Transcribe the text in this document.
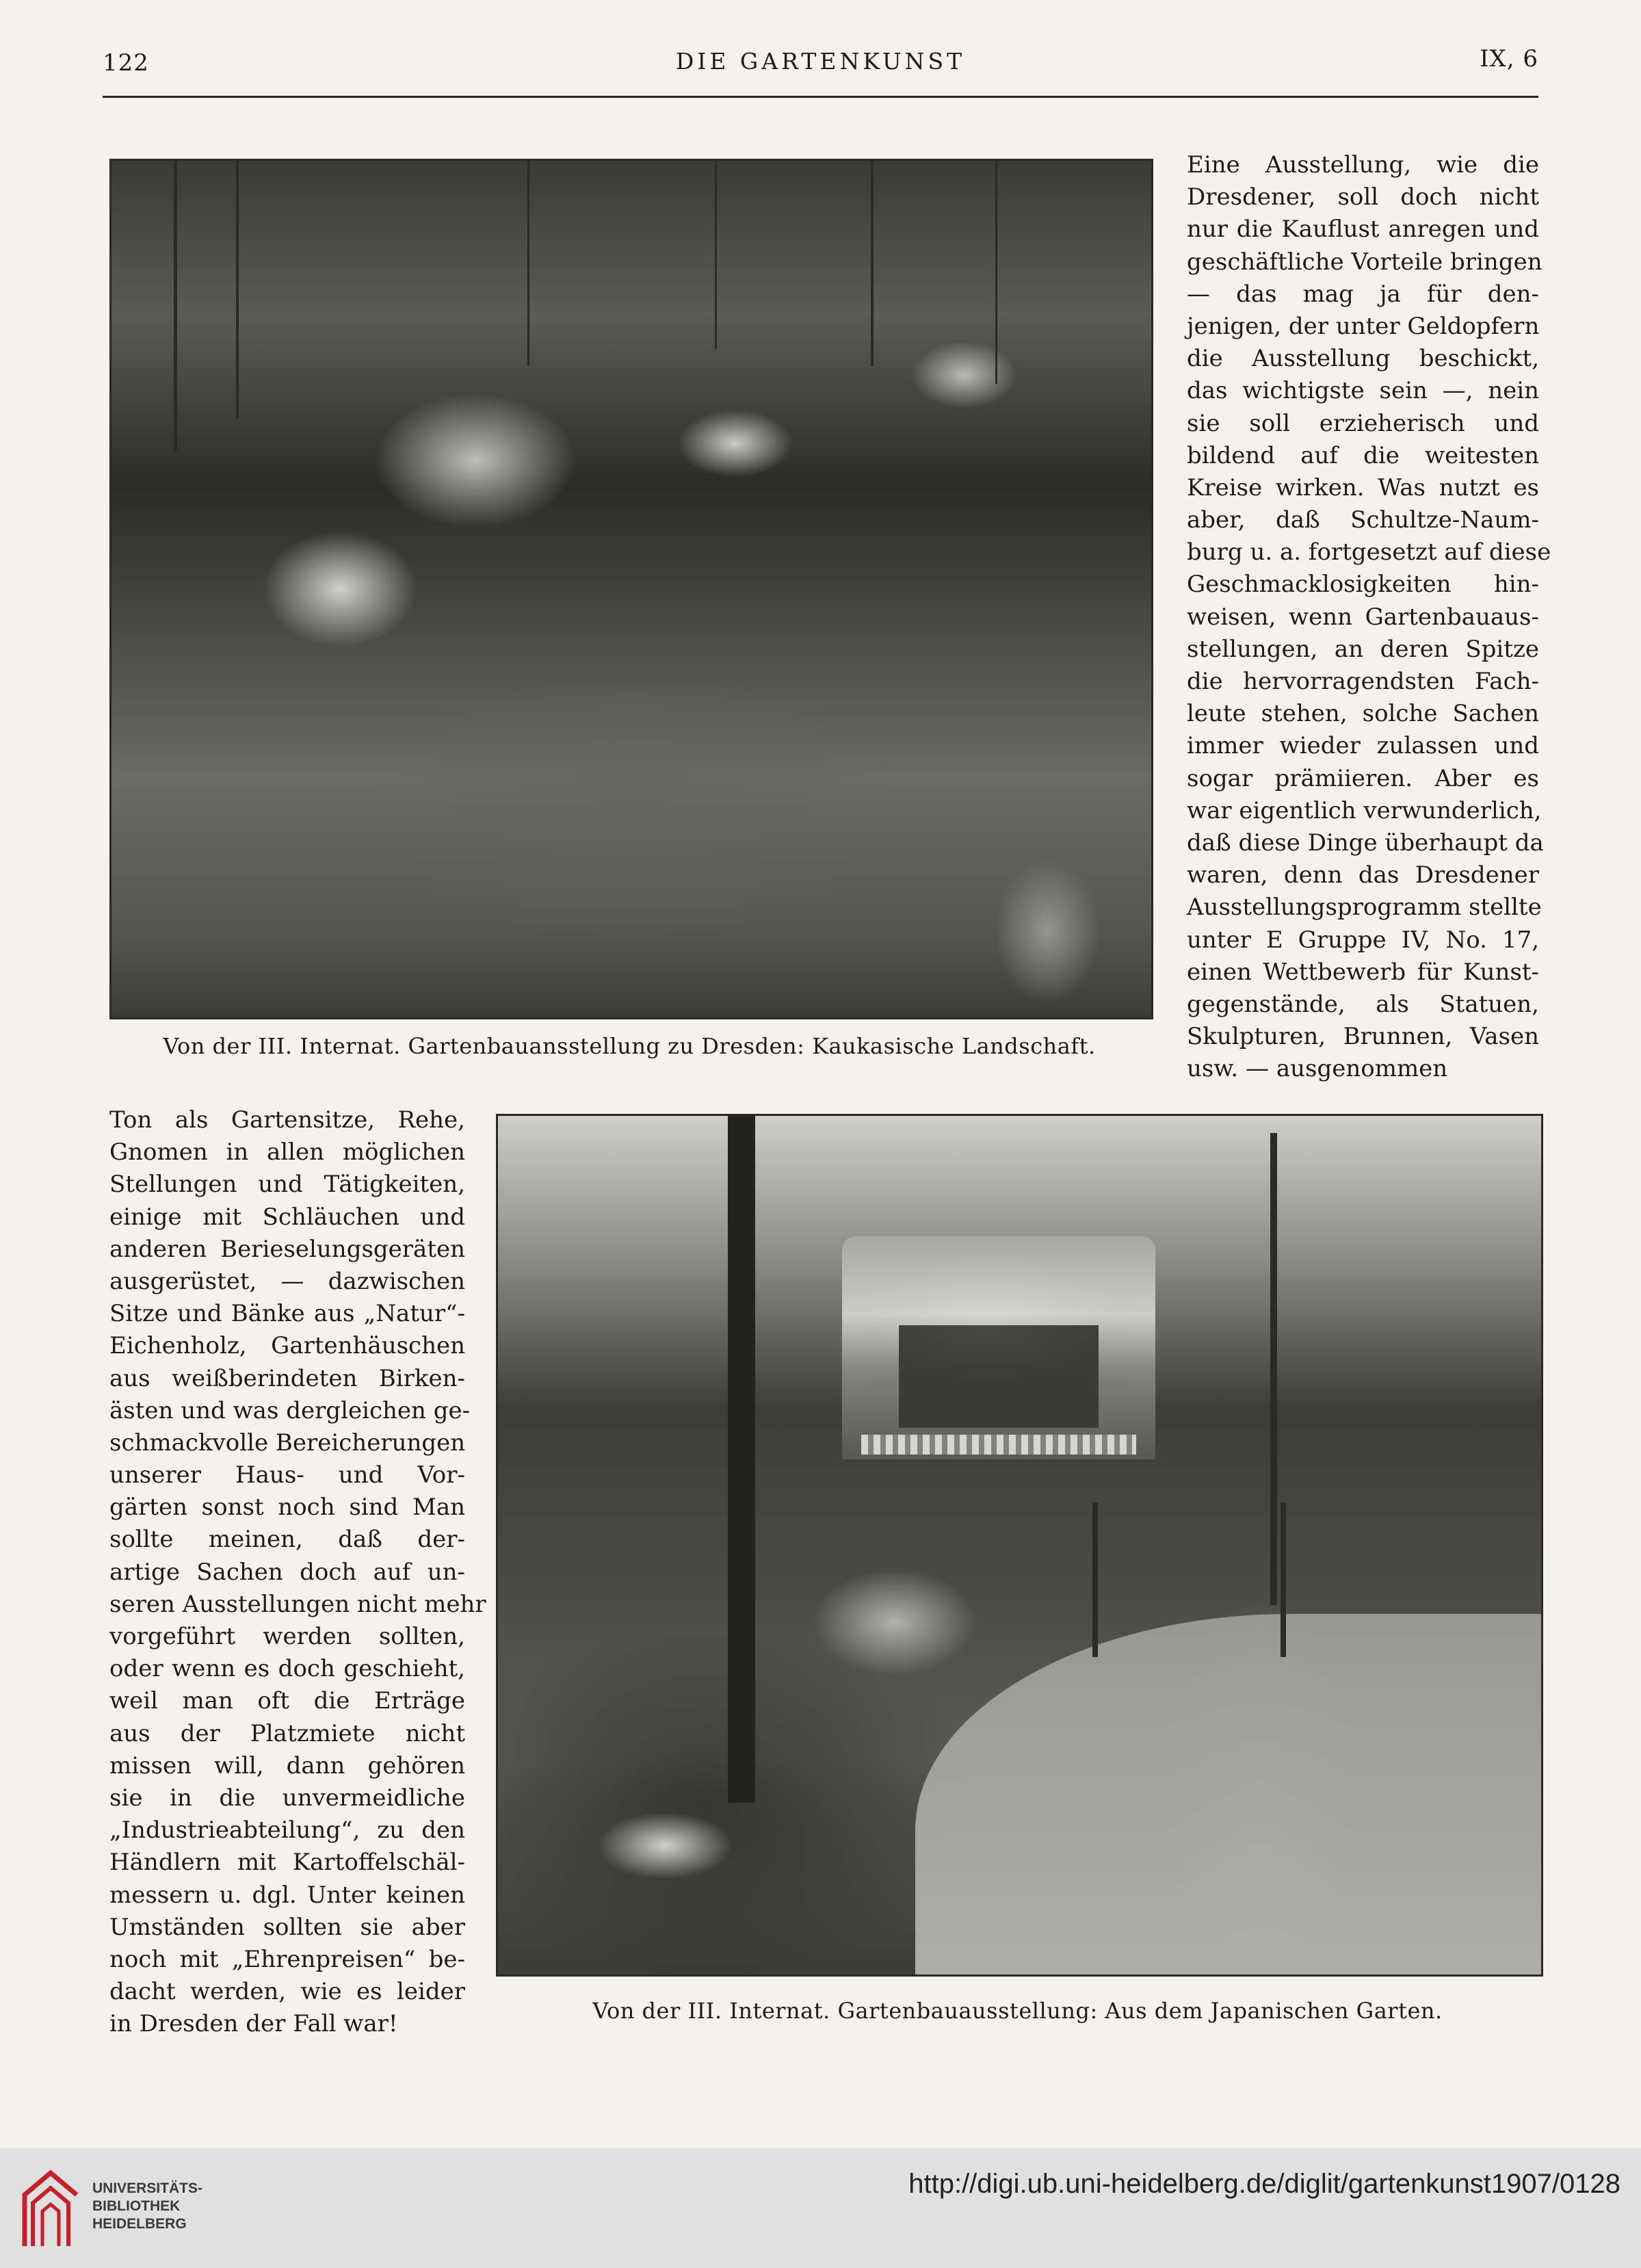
122	DIE GARTENKUNST	IX, 6
Von der III. Internat. Gartenbauansstellung zu Dresden: Kaukasische Landschaft.
Von der III. Internat. Gartenbauausstellung: Aus dem Japanischen Garten.
Eine Ausstellung, wie die
Dresdener, soll doch nicht
nur die Kauflust anregen und
geschäftliche Vorteile bringen
— das mag ja für den-
jenigen, der unter Geldopfern
die Ausstellung beschickt,
das wichtigste sein —, nein
sie soll erzieherisch und
bildend auf die weitesten
Kreise wirken. Was nutzt es
aber, daß Schultze-Naum-
burg u. a. fortgesetzt auf diese
Geschmacklosigkeiten hin-
weisen, wenn Gartenbauaus-
stellungen, an deren Spitze
die hervorragendsten Fach-
leute stehen, solche Sachen
immer wieder zulassen und
sogar prämiieren. Aber es
war eigentlich verwunderlich,
daß diese Dinge überhaupt da
waren, denn das Dresdener
Ausstellungsprogramm stellte
unter E Gruppe IV, No. 17,
einen Wettbewerb für Kunst-
gegenstände, als Statuen,
Skulpturen, Brunnen, Vasen
usw. — ausgenommen
Ton als Gartensitze, Rehe,
Gnomen in allen möglichen
Stellungen und Tätigkeiten,
einige mit Schläuchen und
anderen Berieselungsgeräten
ausgerüstet, — dazwischen
Sitze und Bänke aus „Natur“-
Eichenholz, Gartenhäuschen
aus weißberindeten Birken-
ästen und was dergleichen ge-
schmackvolle Bereicherungen
unserer Haus- und Vor-
gärten sonst noch sind Man
sollte meinen, daß der-
artige Sachen doch auf un-
seren Ausstellungen nicht mehr
vorgeführt werden sollten,
oder wenn es doch geschieht,
weil man oft die Erträge
aus der Platzmiete nicht
missen will, dann gehören
sie in die unvermeidliche
„Industrieabteilung“, zu den
Händlern mit Kartoffelschäl-
messern u. dgl. Unter keinen
Umständen sollten sie aber
noch mit „Ehrenpreisen“ be-
dacht werden, wie es leider
in Dresden der Fall war!
UNIVERSITÄTS-
BIBLIOTHEK
HEIDELBERG
http://digi.ub.uni-heidelberg.de/diglit/gartenkunst1907/0128
